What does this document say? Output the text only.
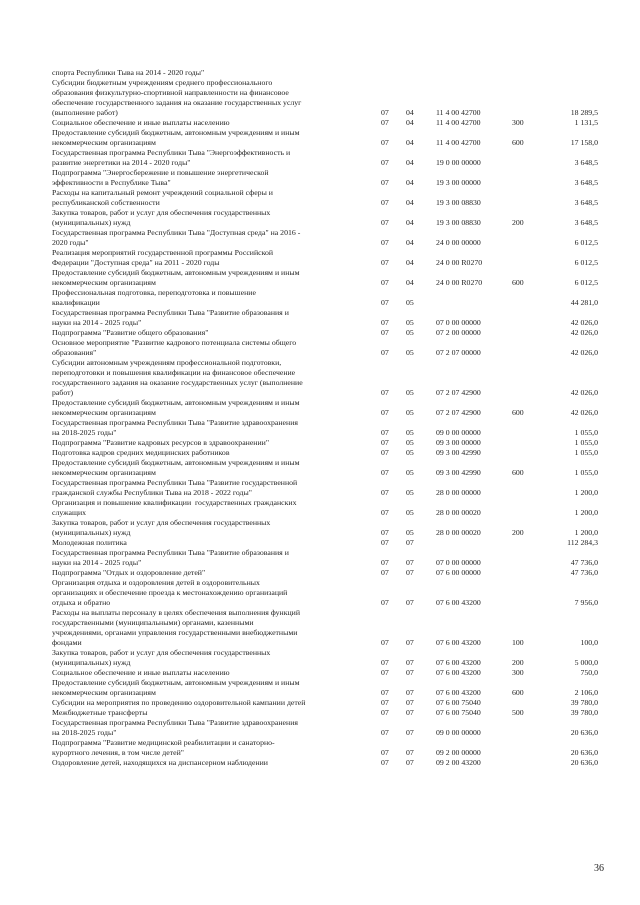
спорта Республики Тыва на 2014 - 2020 годы"
Субсидии бюджетным учреждениям среднего профессионального
образования физкультурно-спортивной направленности на финансовое
обеспечение государственного задания на оказание государственных услуг
(выполнение работ)	07 04	11 4 00 42700	18 289,5
Социальное обеспечение и иные выплаты населению	07 04	11 4 00 42700	300	1 131,5
Предоставление субсидий бюджетным, автономным учреждениям и иным
некоммерческим организациям	07 04	11 4 00 42700	600	17 158,0
Государственная программа Республики Тыва "Энергоэффективность и
развитие энергетики на 2014 - 2020 годы"	07 04	19 0 00 00000	3 648,5
Подпрограмма "Энергосбережение и повышение энергетической
эффективности в Республике Тыва"	07 04	19 3 00 00000	3 648,5
Расходы на капитальный ремонт учреждений социальной сферы и
республиканской собственности	07 04	19 3 00 08830	3 648,5
Закупка товаров, работ и услуг для обеспечения государственных
(муниципальных) нужд	07 04	19 3 00 08830	200	3 648,5
Государственная программа Республики Тыва "Доступная среда" на 2016 -
2020 годы"	07 04	24 0 00 00000	6 012,5
Реализация мероприятий государственной программы Российской
Федерации "Доступная среда" на 2011 - 2020 годы	07 04	24 0 00 R0270	6 012,5
Предоставление субсидий бюджетным, автономным учреждениям и иным
некоммерческим организациям	07 04	24 0 00 R0270	600	6 012,5
Профессиональная подготовка, переподготовка и повышение
квалификации	07 05	44 281,0
Государственная программа Республики Тыва "Развитие образования и
науки на 2014 - 2025 годы"	07 05	07 0 00 00000	42 026,0
Подпрограмма "Развитие общего образования"	07 05	07 2 00 00000	42 026,0
Основное мероприятие "Развитие кадрового потенциала системы общего
образования"	07 05	07 2 07 00000	42 026,0
Субсидии автономным учреждениям профессиональной подготовки,
переподготовки и повышения квалификации на финансовое обеспечение
государственного задания на оказание государственных услуг (выполнение
работ)	07 05	07 2 07 42900	42 026,0
Предоставление субсидий бюджетным, автономным учреждениям и иным
некоммерческим организациям	07 05	07 2 07 42900	600	42 026,0
Государственная программа Республики Тыва "Развитие здравоохранения
на 2018-2025 годы"	07 05	09 0 00 00000	1 055,0
Подпрограмма "Развитие кадровых ресурсов в здравоохранении"	07 05	09 3 00 00000	1 055,0
Подготовка кадров средних медицинских работников	07 05	09 3 00 42990	1 055,0
Предоставление субсидий бюджетным, автономным учреждениям и иным
некоммерческим организациям	07 05	09 3 00 42990	600	1 055,0
Государственная программа Республики Тыва "Развитие государственной
гражданской службы Республики Тыва на 2018 - 2022 годы"	07 05	28 0 00 00000	1 200,0
Организация и повышение квалификации  государственных гражданских
служащих	07 05	28 0 00 00020	1 200,0
Закупка товаров, работ и услуг для обеспечения государственных
(муниципальных) нужд	07 05	28 0 00 00020	200	1 200,0
Молодежная политика	07 07	112 284,3
Государственная программа Республики Тыва "Развитие образования и
науки на 2014 - 2025 годы"	07 07	07 0 00 00000	47 736,0
Подпрограмма "Отдых и оздоровление детей"	07 07	07 6 00 00000	47 736,0
Организация отдыха и оздоровления детей в оздоровительных
организациях и обеспечение проезда к местонахождению организаций
отдыха и обратно	07 07	07 6 00 43200	7 956,0
Расходы на выплаты персоналу в целях обеспечения выполнения функций
государственными (муниципальными) органами, казенными
учреждениями, органами управления государственными внебюджетными
фондами	07 07	07 6 00 43200	100	100,0
Закупка товаров, работ и услуг для обеспечения государственных
(муниципальных) нужд	07 07	07 6 00 43200	200	5 000,0
Социальное обеспечение и иные выплаты населению	07 07	07 6 00 43200	300	750,0
Предоставление субсидий бюджетным, автономным учреждениям и иным
некоммерческим организациям	07 07	07 6 00 43200	600	2 106,0
Субсидии на мероприятия по проведению оздоровительной кампании детей	07 07	07 6 00 75040	39 780,0
Межбюджетные трансферты	07 07	07 6 00 75040	500	39 780,0
Государственная программа Республики Тыва "Развитие здравоохранения
на 2018-2025 годы"	07 07	09 0 00 00000	20 636,0
Подпрограмма "Развитие медицинской реабилитации и санаторно-
курортного лечения, в том числе детей"	07 07	09 2 00 00000	20 636,0
Оздоровление детей, находящихся на диспансерном наблюдении	07 07	09 2 00 43200	20 636,0
36
